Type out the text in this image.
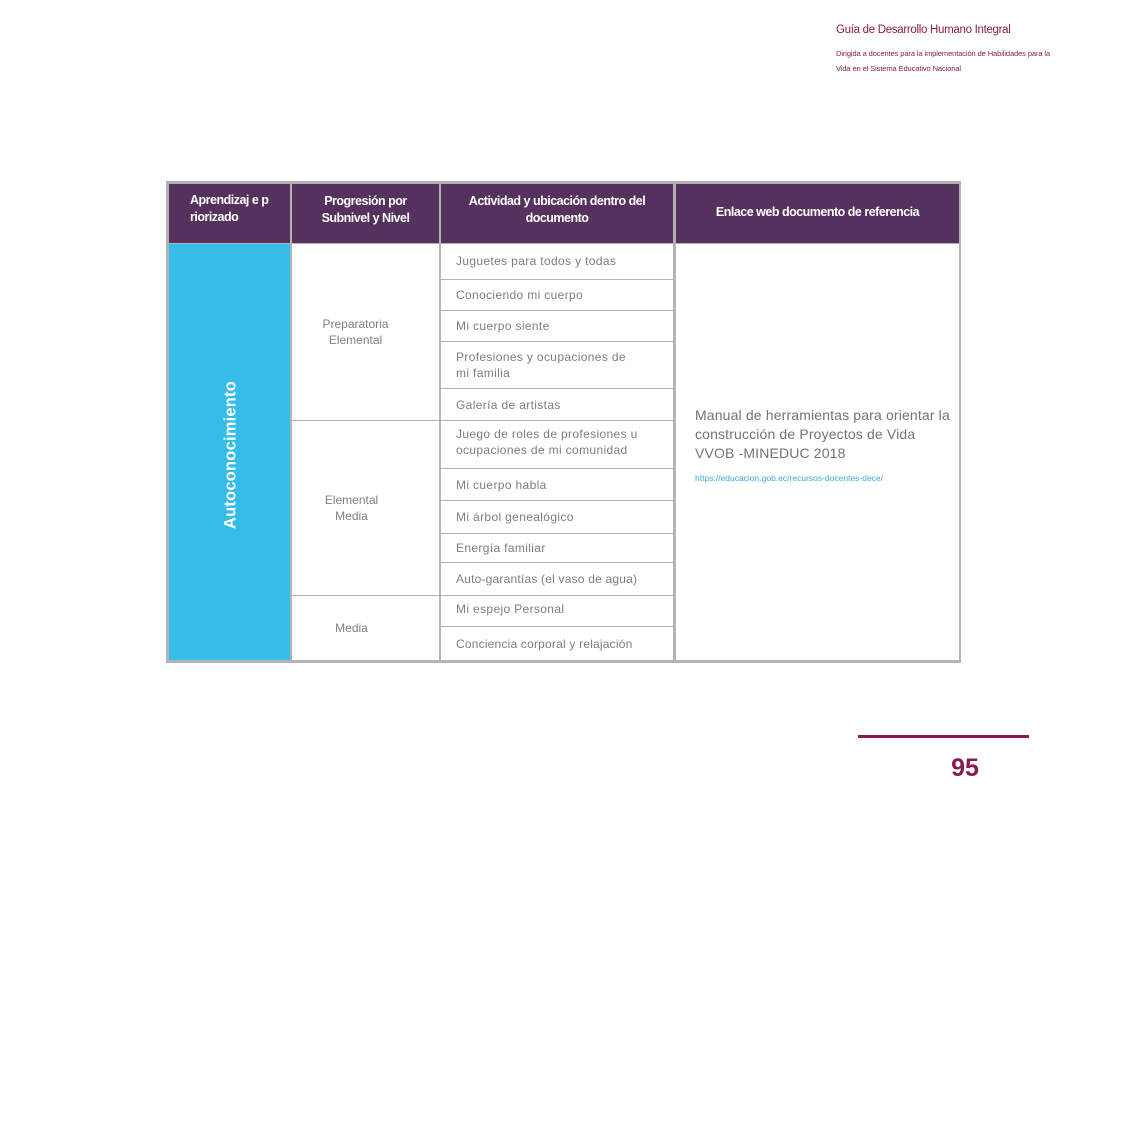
Guía de Desarrollo Humano Integral
Dirigida a docentes para la implementación de Habilidades para la
Vida en el Sistema Educativo Nacional
Aprendizaj e priorizado
Progresión por Subnivel y Nivel
Actividad y ubicación dentro del documento	Enlace web documento de referencia
Autoconocimiento
Preparatoria Elemental
Elemental Media
Media
Juguetes para todos y todas
Conociendo mi cuerpo
Mi cuerpo siente
Profesiones y ocupaciones de mi familia
Galería de artistas
Juego de roles de profesiones u ocupaciones de mi comunidad
Mi cuerpo habla
Mi árbol genealógico
Energía familiar
Auto-garantías (el vaso de agua)
Mi espejo Personal
Conciencia corporal y relajación
Manual de herramientas para orientar la construcción de Proyectos de Vida VVOB -MINEDUC 2018
https://educacion.gob.ec/recursos-docentes-dece/
95
